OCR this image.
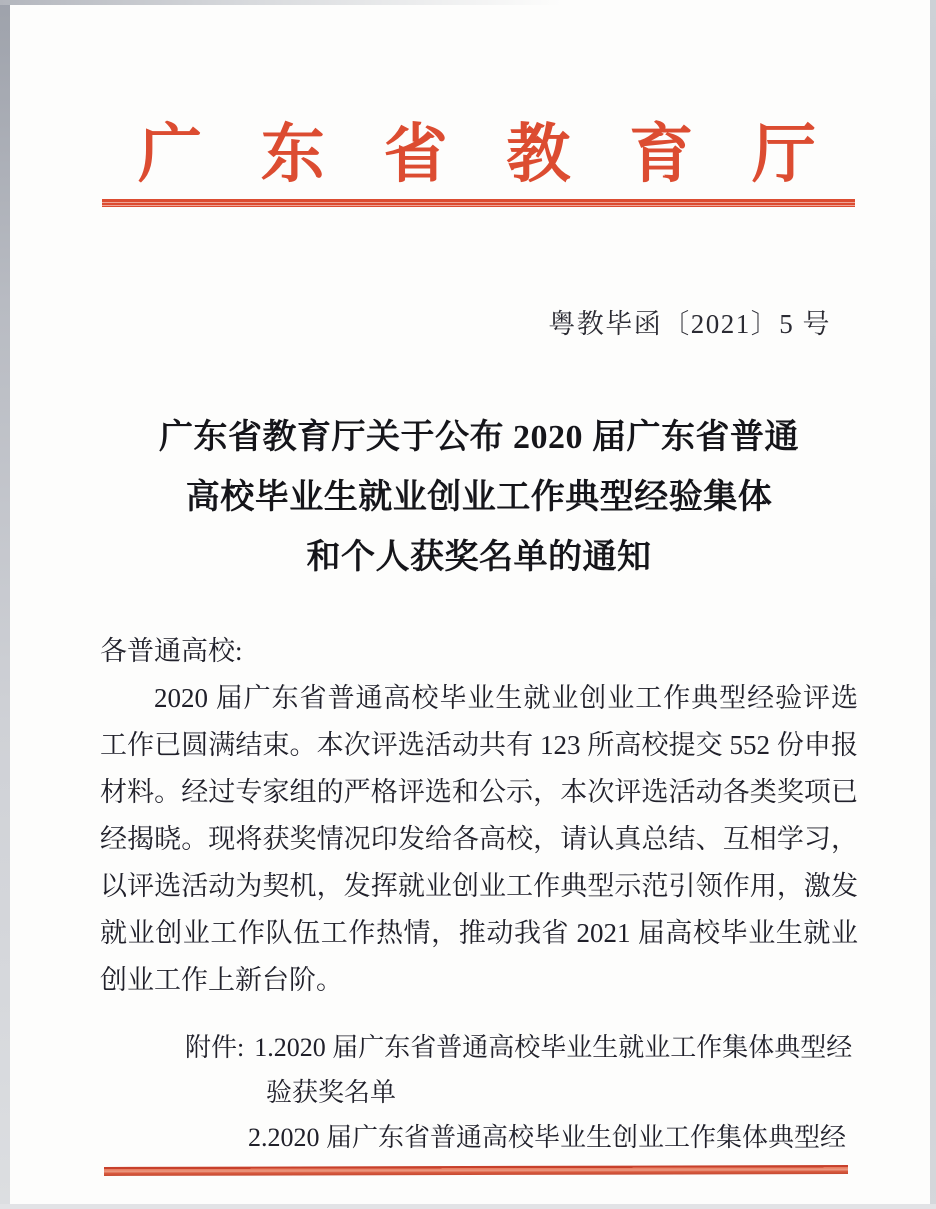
广 东 省 教 育 厅
粤教毕函〔2021〕5 号
广东省教育厅关于公布 2020 届广东省普通
高校毕业生就业创业工作典型经验集体
和个人获奖名单的通知
各普通高校:
2020 届广东省普通高校毕业生就业创业工作典型经验评选
工作已圆满结束。本次评选活动共有 123 所高校提交 552 份申报
材料。经过专家组的严格评选和公示，本次评选活动各类奖项已
经揭晓。现将获奖情况印发给各高校，请认真总结、互相学习，
以评选活动为契机，发挥就业创业工作典型示范引领作用，激发
就业创业工作队伍工作热情，推动我省 2021 届高校毕业生就业
创业工作上新台阶。
附件: 1.2020 届广东省普通高校毕业生就业工作集体典型经
验获奖名单
2.2020 届广东省普通高校毕业生创业工作集体典型经
